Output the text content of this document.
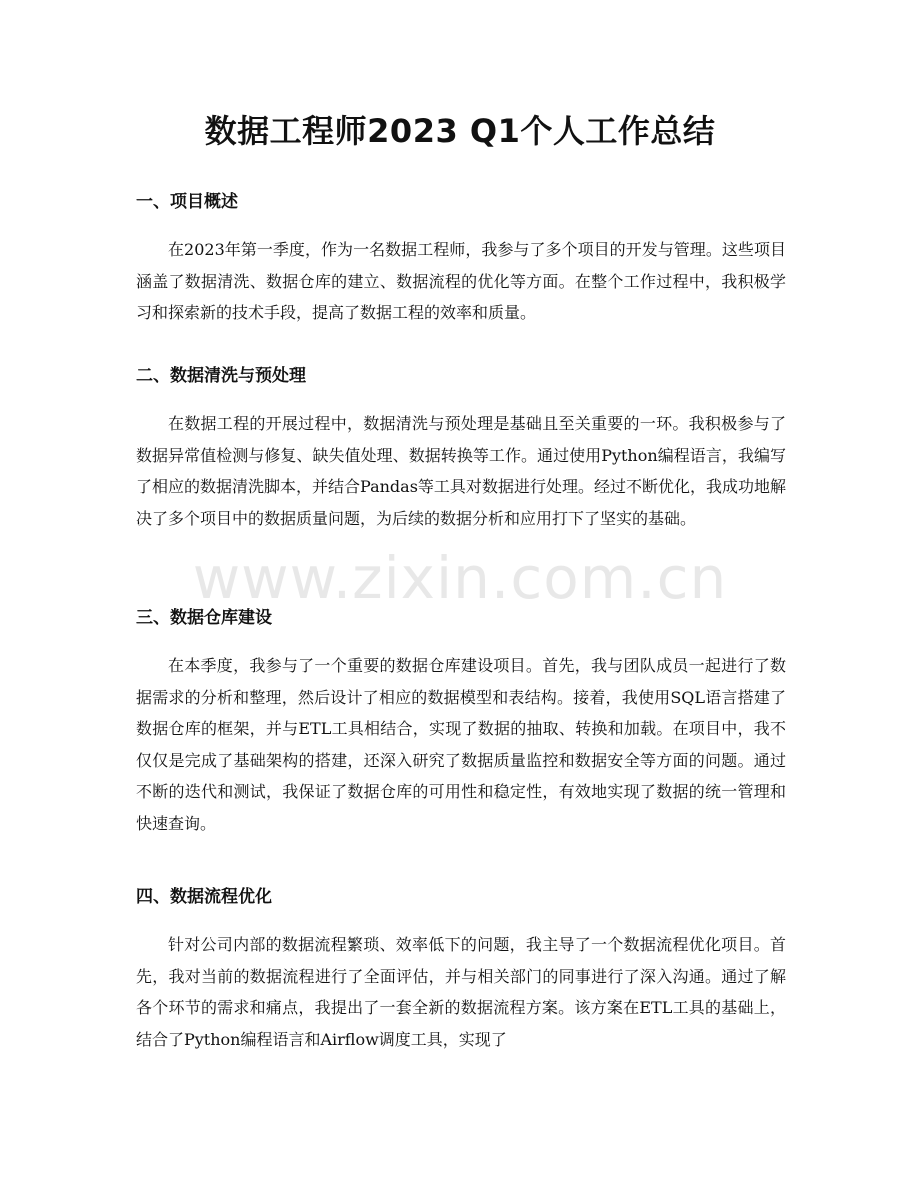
数据工程师2023 Q1个人工作总结
一、项目概述

在2023年第一季度，作为一名数据工程师，我参与了多个项目的开发与管理。这些项目涵盖了数据清洗、数据仓库的建立、数据流程的优化等方面。在整个工作过程中，我积极学习和探索新的技术手段，提高了数据工程的效率和质量。

二、数据清洗与预处理

在数据工程的开展过程中，数据清洗与预处理是基础且至关重要的一环。我积极参与了数据异常值检测与修复、缺失值处理、数据转换等工作。通过使用Python编程语言，我编写了相应的数据清洗脚本，并结合Pandas等工具对数据进行处理。经过不断优化，我成功地解决了多个项目中的数据质量问题，为后续的数据分析和应用打下了坚实的基础。

三、数据仓库建设

在本季度，我参与了一个重要的数据仓库建设项目。首先，我与团队成员一起进行了数据需求的分析和整理，然后设计了相应的数据模型和表结构。接着，我使用SQL语言搭建了数据仓库的框架，并与ETL工具相结合，实现了数据的抽取、转换和加载。在项目中，我不仅仅是完成了基础架构的搭建，还深入研究了数据质量监控和数据安全等方面的问题。通过不断的迭代和测试，我保证了数据仓库的可用性和稳定性，有效地实现了数据的统一管理和快速查询。

四、数据流程优化

针对公司内部的数据流程繁琐、效率低下的问题，我主导了一个数据流程优化项目。首先，我对当前的数据流程进行了全面评估，并与相关部门的同事进行了深入沟通。通过了解各个环节的需求和痛点，我提出了一套全新的数据流程方案。该方案在ETL工具的基础上，结合了Python编程语言和Airflow调度工具，实现了

www.zixin.com.cn
